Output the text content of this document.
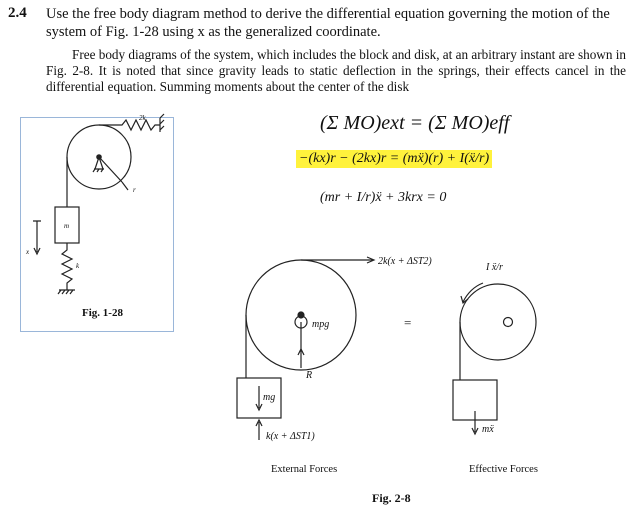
2.4 Use the free body diagram method to derive the differential equation governing the motion of the system of Fig. 1-28 using x as the generalized coordinate.
Free body diagrams of the system, which includes the block and disk, at an arbitrary instant are shown in Fig. 2-8. It is noted that since gravity leads to static deflection in the springs, their effects cancel in the differential equation. Summing moments about the center of the disk
(Σ MO)ext = (Σ MO)eff
−(kx)r − (2kx)r = (mẍ)(r) + I(ẍ/r)
(mr + I/r)ẍ + 3krx = 0
2k
m
k
x
r
mpg
R
mg
k(x + ΔST1)
2k(x + ΔST2)
I ẍ/r
mẍ
=
External Forces	Effective Forces
Fig. 1-28
Fig. 2-8
